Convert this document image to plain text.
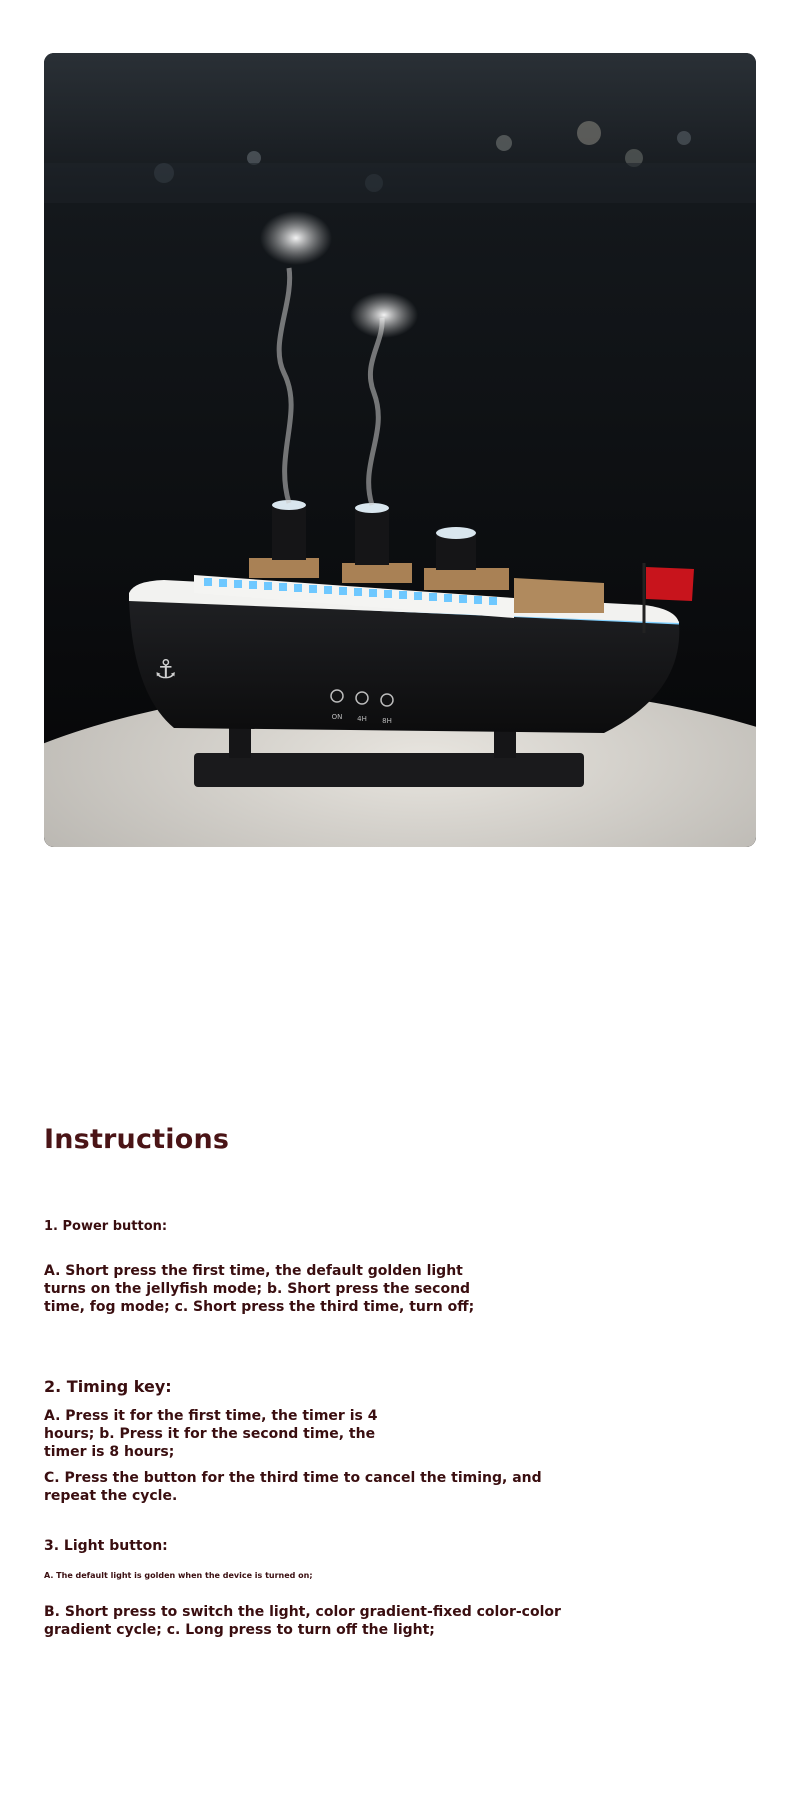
⚓
ON 4H 8H
Instructions

1. Power button:

A. Short press the first time, the default golden light

turns on the jellyfish mode; b. Short press the second

time, fog mode; c. Short press the third time, turn off;

2. Timing key:

A. Press it for the first time, the timer is 4

hours; b. Press it for the second time, the

timer is 8 hours;

C. Press the button for the third time to cancel the timing, and

repeat the cycle.

3. Light button:

A. The default light is golden when the device is turned on;

B. Short press to switch the light, color gradient-fixed color-color

gradient cycle; c. Long press to turn off the light;
